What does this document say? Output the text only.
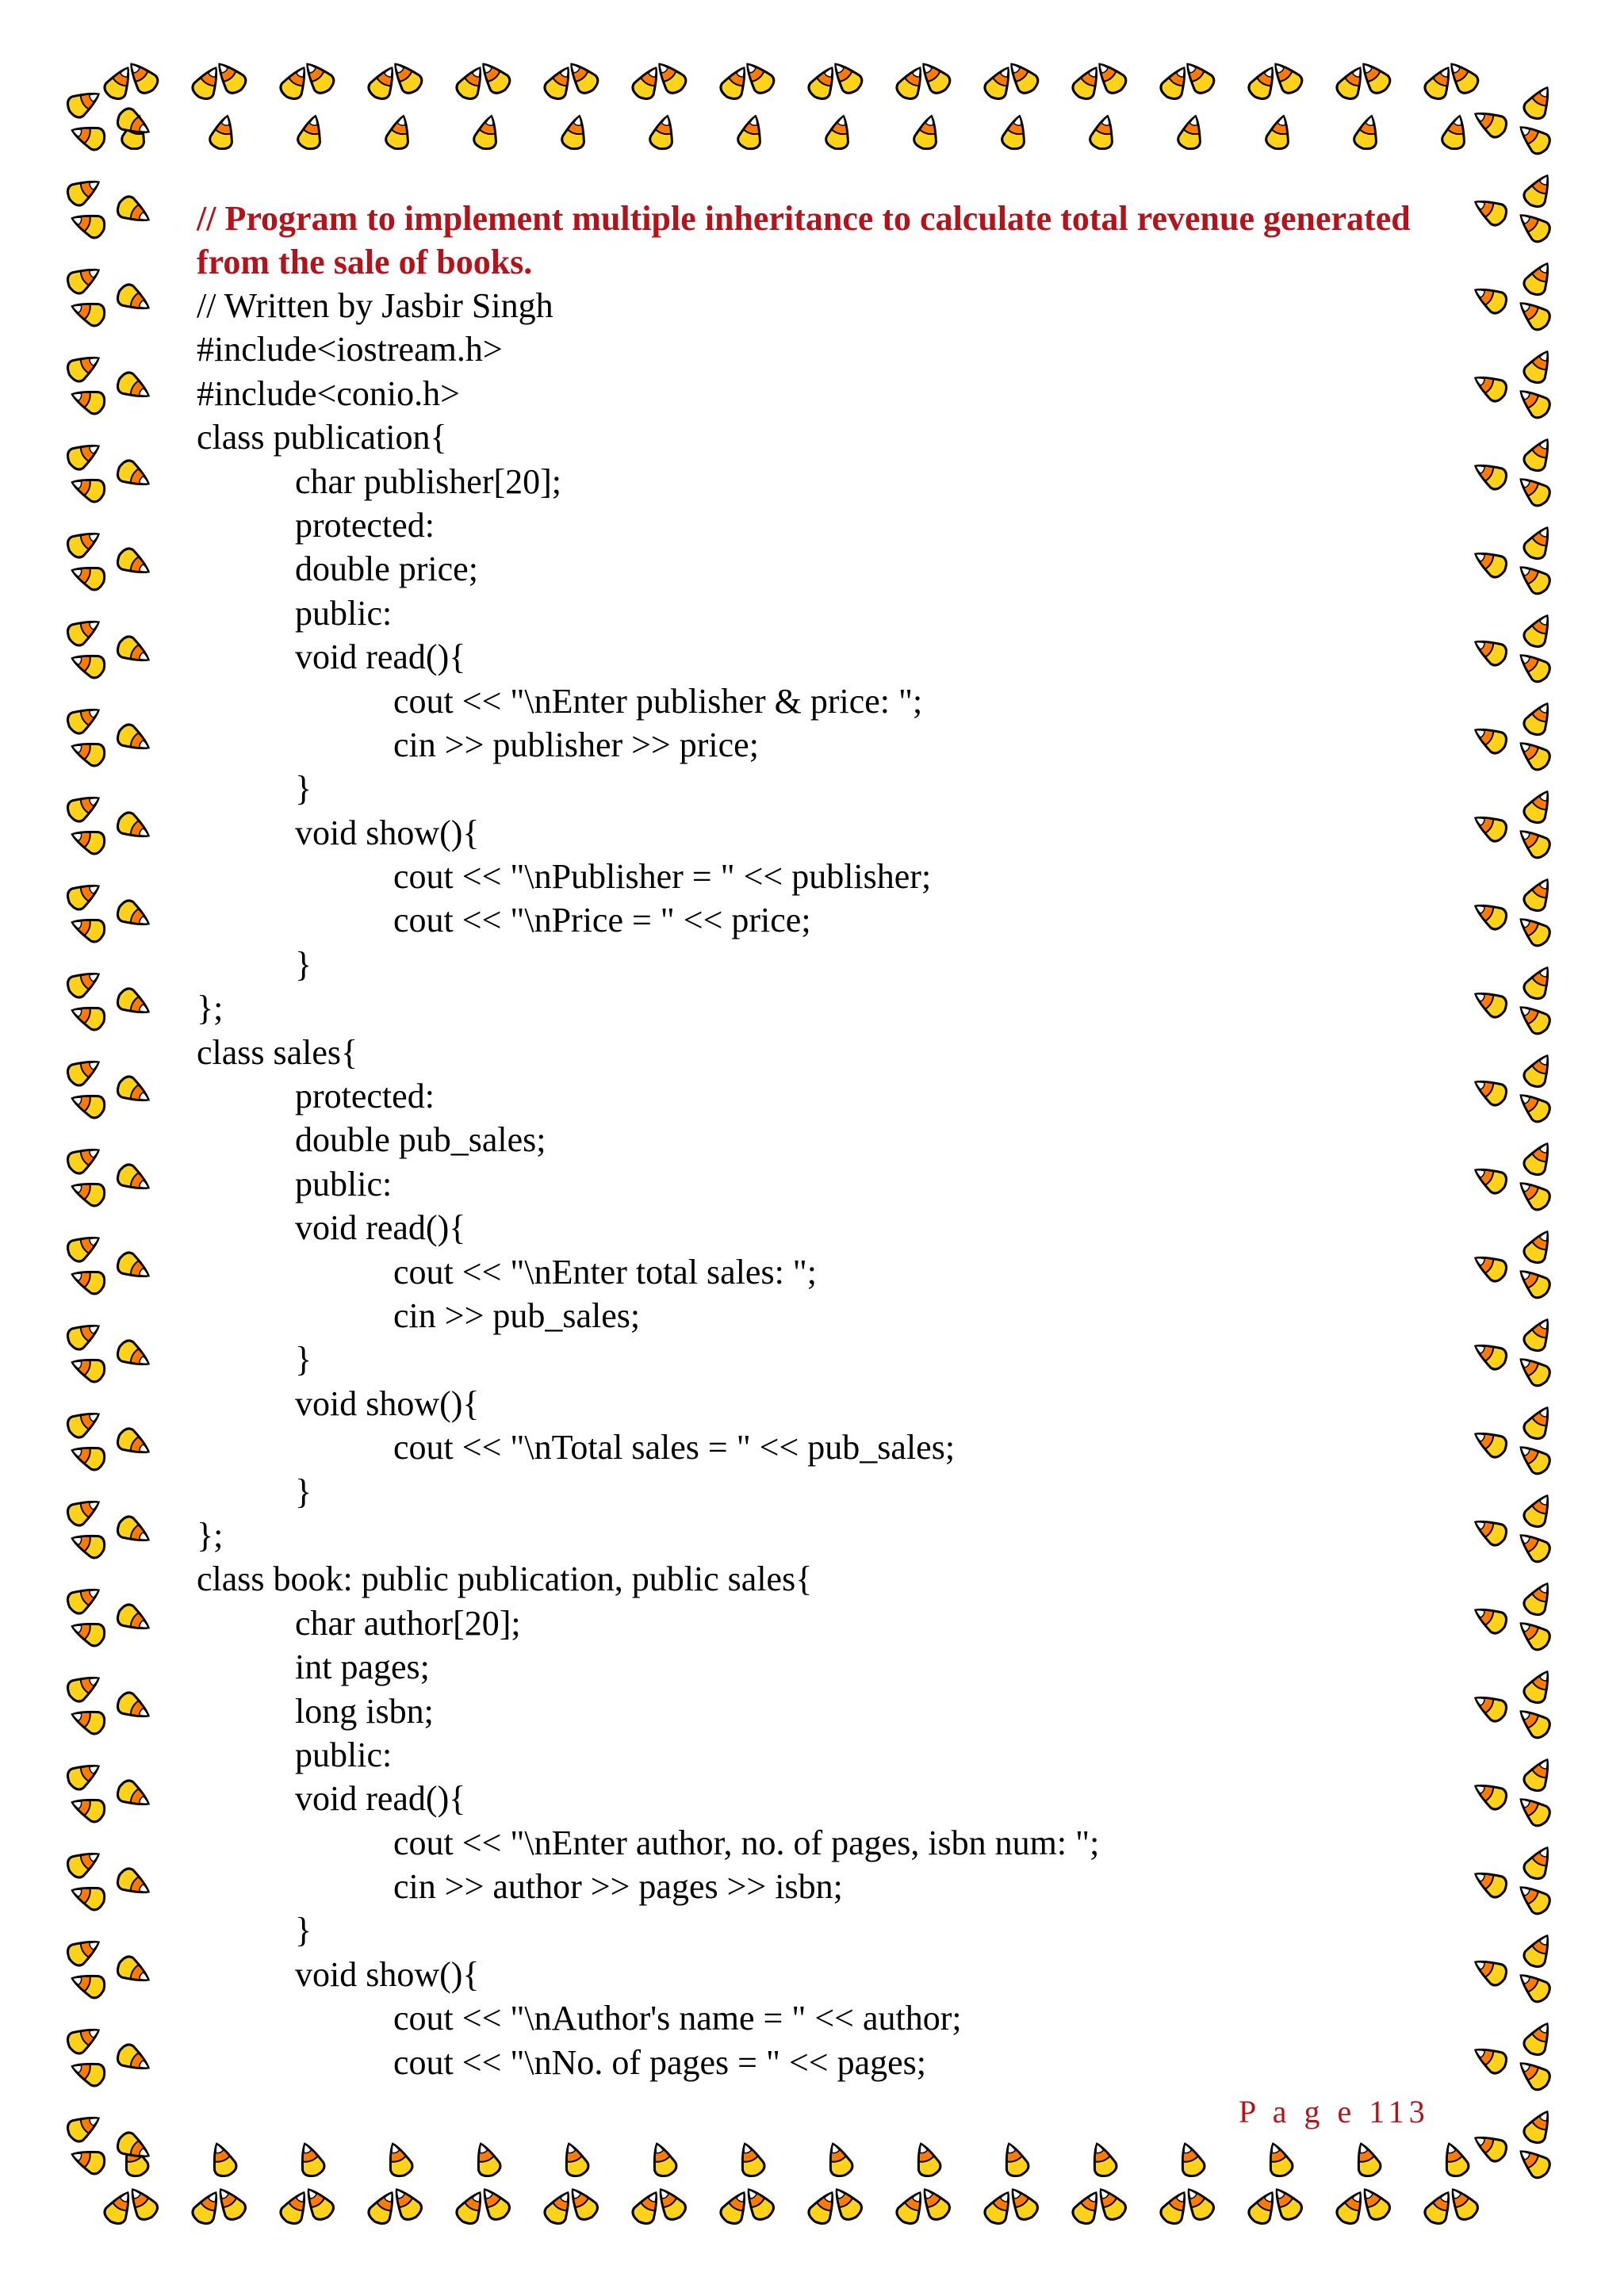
// Program to implement multiple inheritance to calculate total revenue generated from the sale of books.

// Written by Jasbir Singh
#include<iostream.h>
#include<conio.h>
class publication{
char publisher[20];
protected:
double price;
public:
void read(){
cout << "\nEnter publisher & price: ";
cin >> publisher >> price;
}
void show(){
cout << "\nPublisher = " << publisher;
cout << "\nPrice = " << price;
}
};
class sales{
protected:
double pub_sales;
public:
void read(){
cout << "\nEnter total sales: ";
cin >> pub_sales;
}
void show(){
cout << "\nTotal sales = " << pub_sales;
}
};
class book: public publication, public sales{
char author[20];
int pages;
long isbn;
public:
void read(){
cout << "\nEnter author, no. of pages, isbn num: ";
cin >> author >> pages >> isbn;
}
void show(){
cout << "\nAuthor's name = " << author;
cout << "\nNo. of pages = " << pages;
P a g e 113
